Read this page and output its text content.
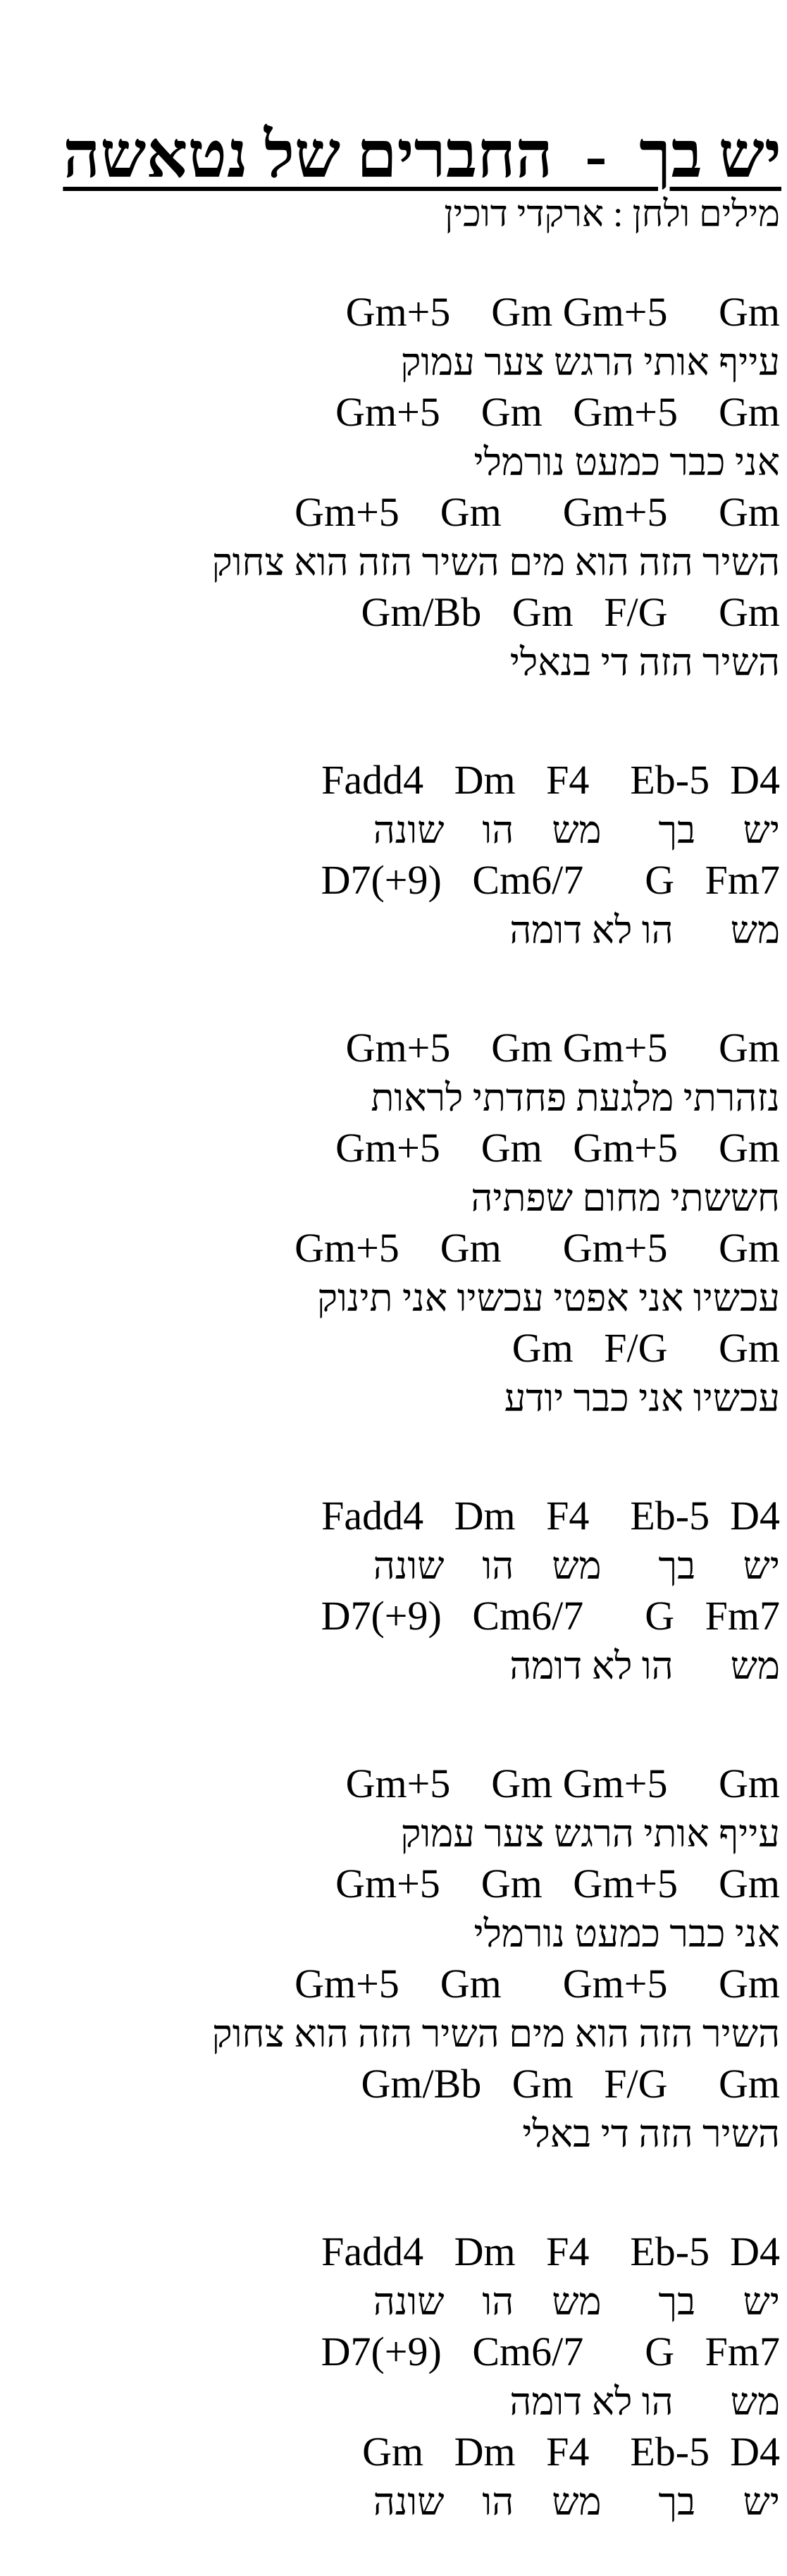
יש בך  -  החברים של נטאשה
מילים ולחן : ארקדי דוכין
Gm+5    Gm Gm+5     Gm
עייף אותי הרגש צער עמוק
Gm+5    Gm   Gm+5    Gm
אני כבר כמעט נורמלי
Gm+5    Gm      Gm+5     Gm
השיר הזה הוא מים השיר הזה הוא צחוק
Gm/Bb   Gm   F/G     Gm
השיר הזה די בנאלי
Fadd4   Dm   F4    Eb-5  D4
יש     בך      מש    הו    שונה
D7(+9)   Cm6/7      G   Fm7
מש      הו לא דומה
Gm+5    Gm Gm+5     Gm
נזהרתי מלגעת פחדתי לראות
Gm+5    Gm   Gm+5    Gm
חששתי מחום שפתיה
Gm+5    Gm      Gm+5     Gm
עכשיו אני אפטי עכשיו אני תינוק
Gm   F/G     Gm
עכשיו אני כבר יודע
Fadd4   Dm   F4    Eb-5  D4
יש     בך      מש    הו    שונה
D7(+9)   Cm6/7      G   Fm7
מש      הו לא דומה
Gm+5    Gm Gm+5     Gm
עייף אותי הרגש צער עמוק
Gm+5    Gm   Gm+5    Gm
אני כבר כמעט נורמלי
Gm+5    Gm      Gm+5     Gm
השיר הזה הוא מים השיר הזה הוא צחוק
Gm/Bb   Gm   F/G     Gm
השיר הזה די באלי
Fadd4   Dm   F4    Eb-5  D4
יש     בך      מש    הו    שונה
D7(+9)   Cm6/7      G   Fm7
מש      הו לא דומה
Gm   Dm   F4    Eb-5  D4
יש     בך      מש    הו    שונה
